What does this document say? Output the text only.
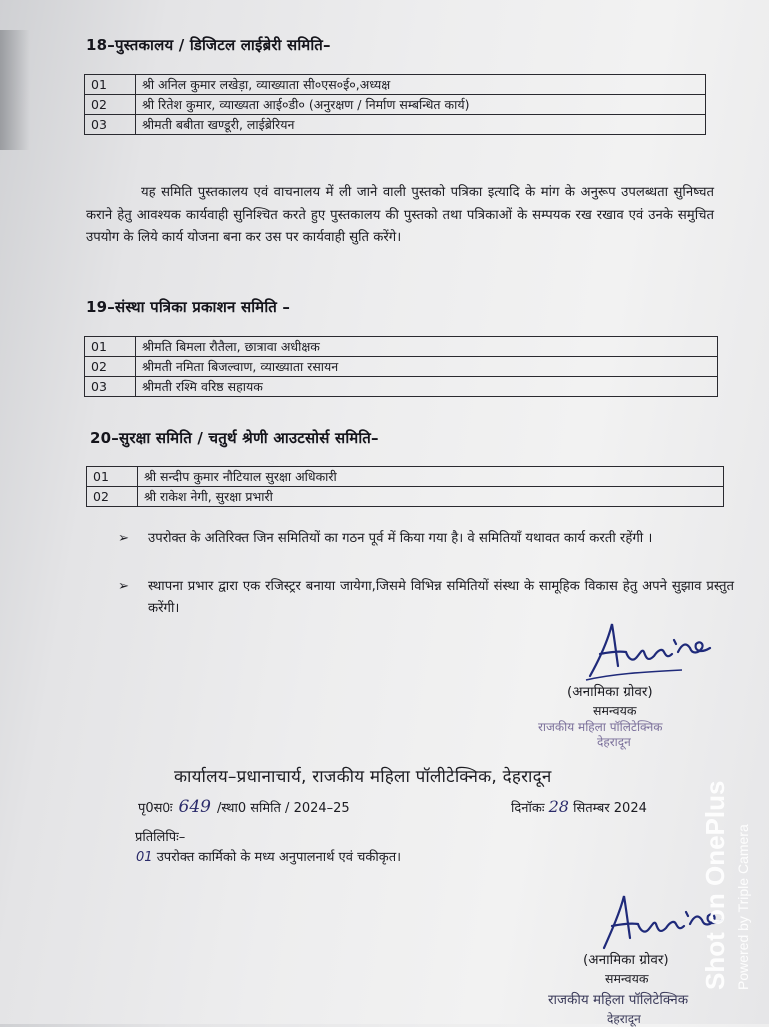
18–पुस्तकालय / डिजिटल लाईब्रेरी समिति–
01	श्री अनिल कुमार लखेड़ा, व्याख्याता सी०एस०ई०,अध्यक्ष
02	श्री रितेश कुमार, व्याख्यता आई०डी० (अनुरक्षण / निर्माण सम्बन्धित कार्य)
03	श्रीमती बबीता खण्डूरी, लाईब्रेरियन
यह समिति पुस्तकालय एवं वाचनालय में ली जाने वाली पुस्तको पत्रिका इत्यादि के मांग के अनुरूप उपलब्धता सुनिष्चत कराने हेतु आवश्यक कार्यवाही सुनिश्चित करते हुए पुस्तकालय की पुस्तको तथा पत्रिकाओं के सम्पयक रख रखाव एवं उनके समुचित उपयोग के लिये कार्य योजना बना कर उस पर कार्यवाही सुति करेंगे।
19–संस्था पत्रिका प्रकाशन समिति –
01	श्रीमति बिमला रौतैला, छात्रावा अधीक्षक
02	श्रीमती नमिता बिजल्वाण, व्याख्याता रसायन
03	श्रीमती रश्मि वरिष्ठ सहायक
20–सुरक्षा समिति / चतुर्थ श्रेणी आउटसोर्स समिति–
01	श्री सन्दीप कुमार नौटियाल सुरक्षा अधिकारी
02	श्री राकेश नेगी, सुरक्षा प्रभारी
➢	उपरोक्त के अतिरिक्त जिन समितियों का गठन पूर्व में किया गया है। वे समितियॉं यथावत कार्य करती रहेंगी ।
➢	स्थापना प्रभार द्वारा एक रजिस्ट्रर बनाया जायेगा,जिसमे विभिन्न समितियों संस्था के सामूहिक विकास हेतु अपने सुझाव प्रस्तुत करेंगी।
(अनामिका ग्रोवर)
समन्वयक
राजकीय महिला पॉलिटेक्निक
देहरादून
कार्यालय–प्रधानाचार्य, राजकीय महिला पॉलीटेक्निक, देहरादून
पृ0स0ः 649 /स्था0 समिति / 2024–25	दिनॉकः 28 सितम्बर 2024
प्रतिलिपिः–
01 उपरोक्त कार्मिको के मध्य अनुपालनार्थ एवं चकीकृत।
(अनामिका ग्रोवर)
समन्वयक
राजकीय महिला पॉलिटेक्निक
देहरादून
Shot on OnePlus Powered by Triple Camera
